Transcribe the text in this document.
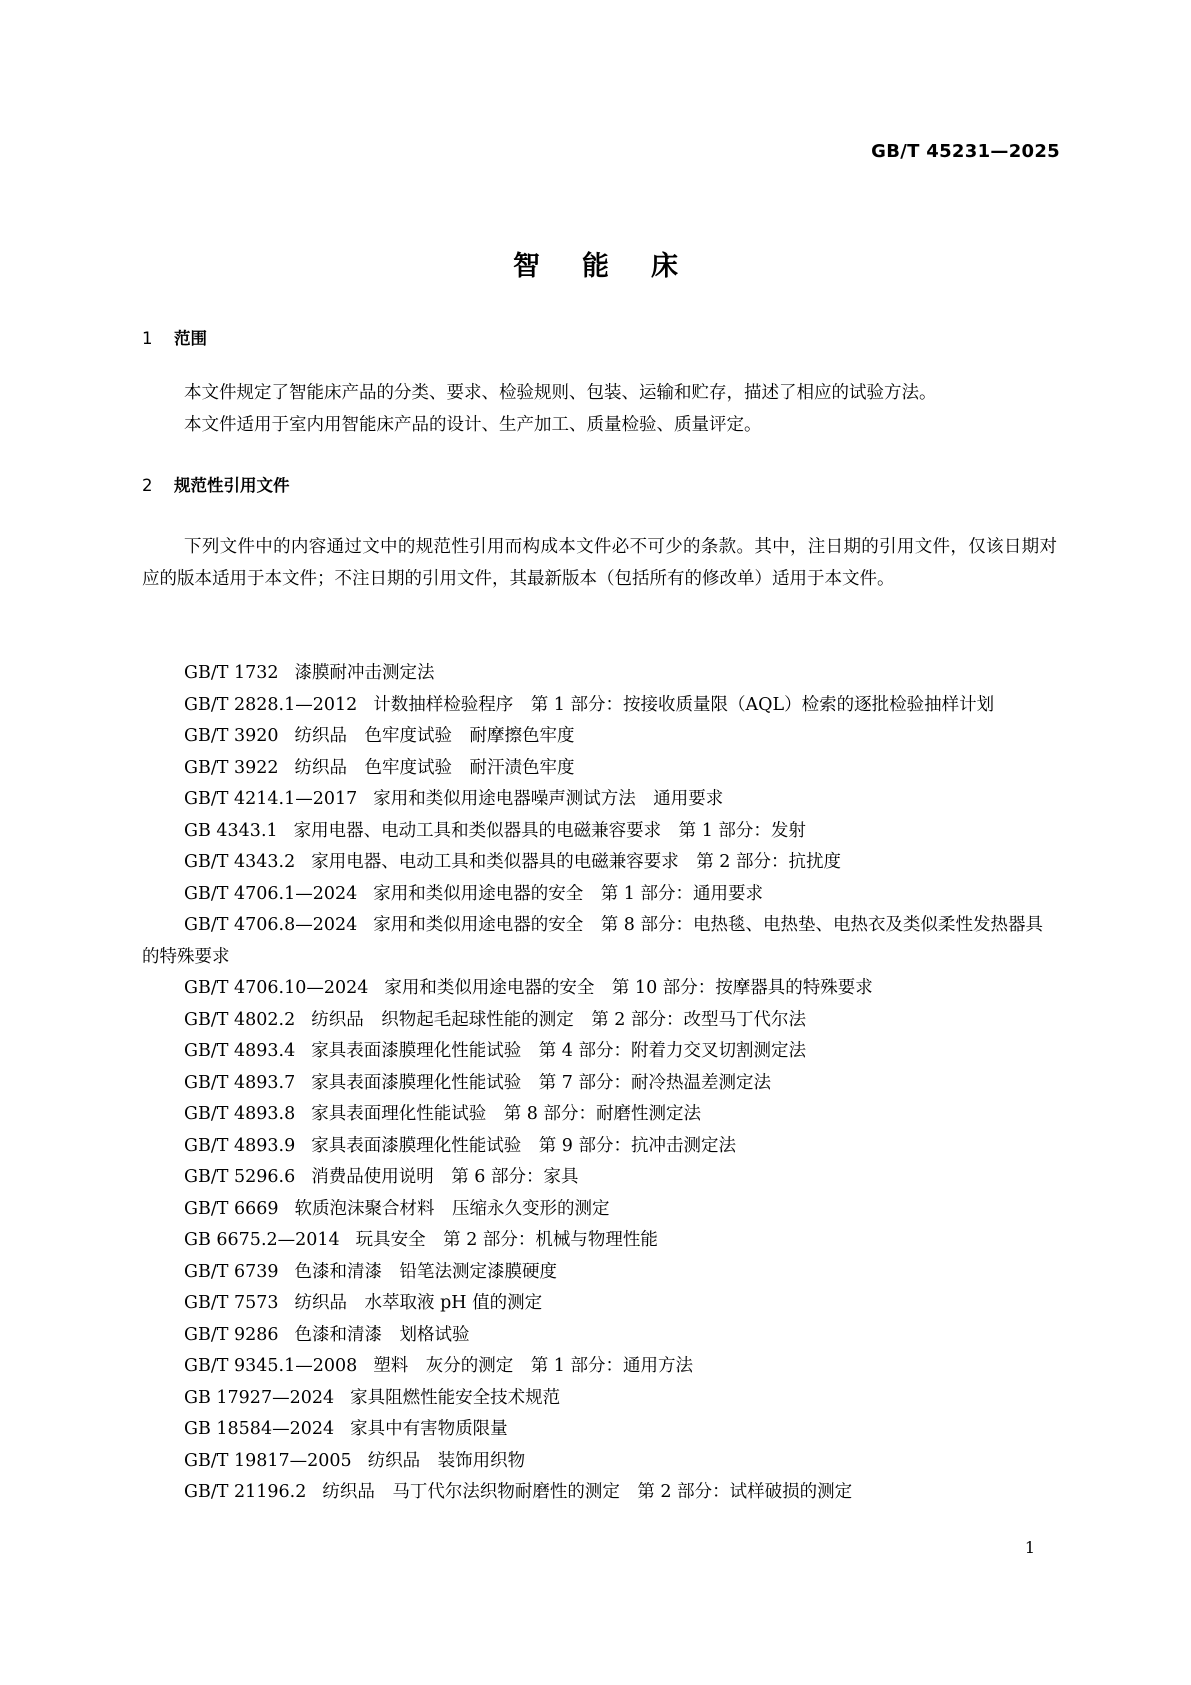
GB/T 45231—2025
智能床
1 范围

本文件规定了智能床产品的分类、要求、检验规则、包装、运输和贮存，描述了相应的试验方法。

本文件适用于室内用智能床产品的设计、生产加工、质量检验、质量评定。

2 规范性引用文件

下列文件中的内容通过文中的规范性引用而构成本文件必不可少的条款。其中，注日期的引用文件，仅该日期对应的版本适用于本文件；不注日期的引用文件，其最新版本（包括所有的修改单）适用于本文件。

GB/T 1732 漆膜耐冲击测定法
GB/T 2828.1—2012 计数抽样检验程序　第 1 部分：按接收质量限（AQL）检索的逐批检验抽样计划
GB/T 3920 纺织品　色牢度试验　耐摩擦色牢度
GB/T 3922 纺织品　色牢度试验　耐汗渍色牢度
GB/T 4214.1—2017 家用和类似用途电器噪声测试方法　通用要求
GB 4343.1 家用电器、电动工具和类似器具的电磁兼容要求　第 1 部分：发射
GB/T 4343.2 家用电器、电动工具和类似器具的电磁兼容要求　第 2 部分：抗扰度
GB/T 4706.1—2024 家用和类似用途电器的安全　第 1 部分：通用要求
GB/T 4706.8—2024 家用和类似用途电器的安全　第 8 部分：电热毯、电热垫、电热衣及类似柔性发热器具的特殊要求
GB/T 4706.10—2024 家用和类似用途电器的安全　第 10 部分：按摩器具的特殊要求
GB/T 4802.2 纺织品　织物起毛起球性能的测定　第 2 部分：改型马丁代尔法
GB/T 4893.4 家具表面漆膜理化性能试验　第 4 部分：附着力交叉切割测定法
GB/T 4893.7 家具表面漆膜理化性能试验　第 7 部分：耐冷热温差测定法
GB/T 4893.8 家具表面理化性能试验　第 8 部分：耐磨性测定法
GB/T 4893.9 家具表面漆膜理化性能试验　第 9 部分：抗冲击测定法
GB/T 5296.6 消费品使用说明　第 6 部分：家具
GB/T 6669 软质泡沫聚合材料　压缩永久变形的测定
GB 6675.2—2014 玩具安全　第 2 部分：机械与物理性能
GB/T 6739 色漆和清漆　铅笔法测定漆膜硬度
GB/T 7573 纺织品　水萃取液 pH 值的测定
GB/T 9286 色漆和清漆　划格试验
GB/T 9345.1—2008 塑料　灰分的测定　第 1 部分：通用方法
GB 17927—2024 家具阻燃性能安全技术规范
GB 18584—2024 家具中有害物质限量
GB/T 19817—2005 纺织品　装饰用织物
GB/T 21196.2 纺织品　马丁代尔法织物耐磨性的测定　第 2 部分：试样破损的测定
1
